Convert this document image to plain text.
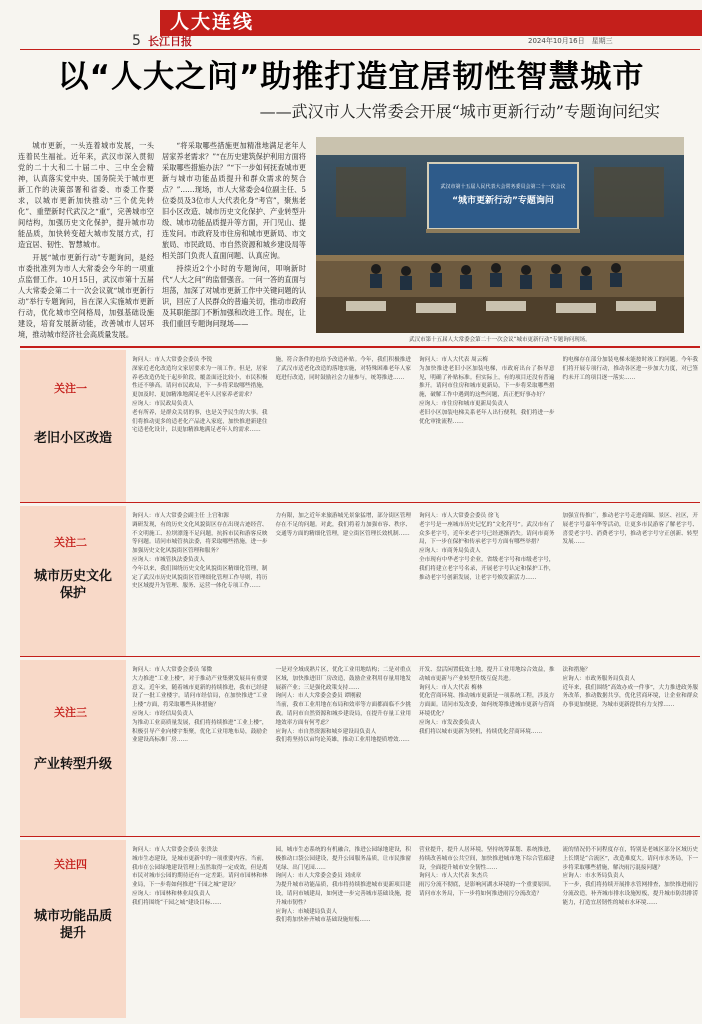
人大连线
5 长江日报	2024年10月16日　星期三
以“人大之问”助推打造宜居韧性智慧城市
——武汉市人大常委会开展“城市更新行动”专题询问纪实

城市更新，一头连着城市发展，一头连着民生福祉。近年来，武汉市深入贯彻党的二十大和二十届二中、三中全会精神，认真落实党中央、国务院关于城市更新工作的决策部署和省委、市委工作要求，以城市更新加快推动“三个优先转化”、重塑新时代武汉之“重”，完善城市空间结构，加强历史文化保护，提升城市功能品质，加快转变超大城市发展方式，打造宜居、韧性、智慧城市。

开展“城市更新行动”专题询问，是经市委批准列为市人大常委会今年的一项重点监督工作。10月15日，武汉市第十五届人大常委会第二十一次会议就“城市更新行动”举行专题询问，旨在深入实施城市更新行动，优化城市空间格局，加强基础设施建设，培育发展新动能，改善城市人居环境，推动城市经济社会高质量发展。

“将采取哪些措施更加精准地满足老年人居家养老需求？”“在历史建筑保护利用方面将采取哪些措施办法？”“下一步如何抚查城市更新与城市功能品质提升和群众需求的契合点？”……现场，市人大常委会4位副主任、5位委员及3位市人大代表化身“考官”，聚焦老旧小区改造、城市历史文化保护、产业转型升级、城市功能品质提升等方面，开门见山、提连发问。市政府及市住房和城市更新局、市文旅局、市民政局、市自然资源和城乡建设局等相关部门负责人直面问题、认真应询。

持续近2个小时的专题询问，叩响新时代“人大之问”的监督强音。一问一答的直面与坦荡，加深了对城市更新工作中关键问题的认识，回应了人民群众的普遍关切，推动市政府及其职能部门不断加强和改进工作。现在，让我们重回专题询问现场——

武汉市第十五届人民代表大会常务委员会第二十一次会议
“城市更新行动”专题询问
武汉市第十五届人大常委会第二十一次会议“城市更新行动”专题询问现场。
关注一
老旧小区改造
询问人：市人大常委会委员 李锐
深家近老化改造均文家居要求为一项工作。但是，居家养老改造仍处于起步阶段，覆盖面还比较小，市民积极性还不够高。请问市民政局，下一步将采取哪些措施，更加及时、更加精准地满足老年人居家养老需求？
应询人：市民政局负责人
老有所养，是群众关切的事，也是关乎民生的大事。我们将推动更多的适老化产品进入家庭，加快推进新建住宅适老化设计，以更加精准地满足老年人的需求……
施，符合条件的也给予改造补贴。今年，我们积极推进了武汉市适老化改造的落地实施，对特殊困难老年人家庭进行改造，同时鼓励社会力量参与，统筹推进……
询问人：市人大代表 周云梅
为加快推进老旧小区加装电梯，市政府出台了指导意见，明确了补贴标准。但实际上，有的项目还没有普遍推开。请问市住房和城市更新局，下一步将采取哪些措施，破解工作中遇到的这些问题，真正把好事办好？
应询人：市住房和城市更新局负责人
老旧小区加装电梯关系老年人出行便利，我们将进一步优化审批流程……
的电梯存在部分加装电梯未能按时竣工的问题。今年我们将开展专项行动，推动各区进一步加大力度，对已签约未开工的项目逐一落实……
关注二
城市历史文化保护
询问人：市人大常委会副主任 上官和源
调研发现，有的历史文化风貌街区存在出现古迹经营、不文明施工、拉坝漂蓬不足问题，抗拆市民和游客反映等问题。请问市城管执法委，将采取哪些措施，进一步加强历史文化风貌街区管理和服务？
应询人：市城管执法委负责人
今年以来，我们围绕历史文化风貌街区精细化管理，制定了武汉市历史风貌街区管理细化管理工作导则，将历史区域提升为管理、服务、运营一体化专项工作……
力有限，加之近年来旅游城光景象猛增，部分街区管理存在不足的问题。对此，我们将着力加强市容、秩序、交通等方面的精细化管理，建立街区管理长效机制……
询问人：市人大常委会委员 徐飞
老字号是一座城市历史记忆的“文化符号”。武汉市有了众多老字号，近年来老字号已经逐渐消失。请问市商务局，下一步在保护和传承老字号方面有哪些举措？
应询人：市商务局负责人
全市现有中华老字号企业，省级老字号和市级老字号，我们将建立老字号名录，开展老字号认定和保护工作，推动老字号创新发展，让老字号焕发新活力……
加强宣传推广，推动老字号走进商圈、景区、社区，开展老字号嘉年华等活动，让更多市民游客了解老字号、喜爱老字号、消费老字号，推动老字号守正创新、转型发展……
关注三
产业转型升级
询问人：市人大常委会委员 邹微
大力推进“工业上楼”，对于推动产业集聚发展具有重要意义。近年来，随着城市更新的持续推进，我市已经建设了一批工业楼宇。请问市经信局，在加快推进“工业上楼”方面，将采取哪些具体措施？
应询人：市经信局负责人
为推动工业高质量发展，我们将持续推进“工业上楼”，积极引导产业向楼宇集聚，优化工业用地布局，鼓励企业建设高标准厂房……
一是对全域成熟片区，优化工业用地结构；二是对重点区域，加快推进旧厂房改造，鼓励企业利用存量用地发展新产业；三是强化政策支持……
询问人：市人大常委会委员 谭刚毅
当前，我市工业用地在布局和效率等方面都面临不少挑战。请问市自然资源和城乡建设局，在提升存量工业用地效率方面有何考虑？
应询人：市自然资源和城乡建设局负责人
我们将坚持以亩均论英雄，推动工业用地提质增效……
开发、盘活闲置低效土地，提升工业用地综合效益，推动城市更新与产业转型升级互促共进。
询问人：市人大代表 梅林
优化营商环境、推动城市更新是一项系统工程，涉及方方面面。请问市发改委，如何统筹推进城市更新与营商环境优化？
应询人：市发改委负责人
我们将以城市更新为契机，持续优化营商环境……
法和措施？
应询人：市政务服务局负责人
近年来，我们围绕“高效办成一件事”，大力推进政务服务改革，推动数据共享，优化营商环境，让企业和群众办事更加便捷，为城市更新提供有力支撑……
关注四
城市功能品质提升
询问人：市人大常委会委员 张贵法
城市生态建设，是城市更新中的一项重要内容。当前，我市在公园绿地建设管理上虽然取得一定成效，但是离市民对城市公园的期待还有一定差距。请问市园林和林业局，下一步将如何推进“千园之城”建设？
应询人：市园林和林业局负责人
我们将围绕“千园之城”建设目标……
园，城市生态系统的有机融合，推进公园绿地建设，积极推动口袋公园建设，提升公园服务品质，让市民推窗见绿、出门见园……
询问人：市人大常委会委员 刘成章
为提升城市功能品质，我市将持续推进城市更新项目建设，请问市城建局，如何进一步完善城市基础设施，提升城市韧性？
应询人：市城建局负责人
我们将加快补齐城市基础设施短板……
营业提升，提升人居环境，坚持统筹谋划、系统推进，持续改善城市公共空间，加快推进城市地下综合管廊建设，全面提升城市安全韧性……
询问人：市人大代表 朱杰兵
雨污分流不彻底，是影响河湖水环境的一个重要原因。请问市水务局，下一步将如何推进雨污分流改造？
流的情况仍不同程度存在，特别是老城区部分区域历史上长期是“合流区”，改造难度大。请问市水务局，下一步将采取哪些措施，解决雨污混接问题？
应询人：市水务局负责人
下一步，我们将持续开展排水管网排查，加快推进雨污分流改造，补齐城市排水设施短板，提升城市防洪排涝能力，打造宜居韧性的城市水环境……
